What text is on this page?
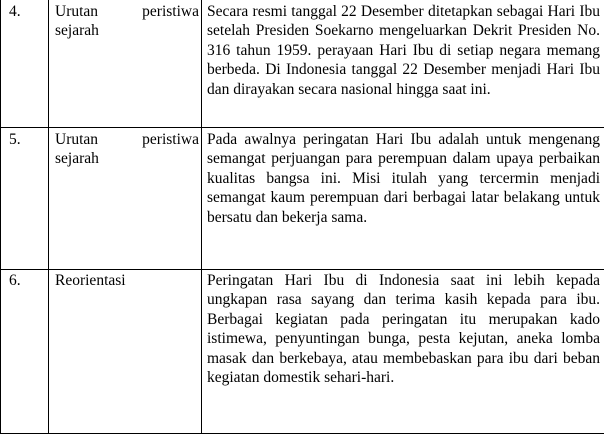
4.	Urutan peristiwa sejarah	Secara resmi tanggal 22 Desember ditetapkan sebagai Hari Ibu setelah Presiden Soekarno mengeluarkan Dekrit Presiden No. 316 tahun 1959. perayaan Hari Ibu di setiap negara memang berbeda. Di Indonesia tanggal 22 Desember menjadi Hari Ibu dan dirayakan secara nasional hingga saat ini.

5.	Urutan peristiwa sejarah	Pada awalnya peringatan Hari Ibu adalah untuk mengenang semangat perjuangan para perempuan dalam upaya perbaikan kualitas bangsa ini. Misi itulah yang tercermin menjadi semangat kaum perempuan dari berbagai latar belakang untuk bersatu dan bekerja sama.

6.	Reorientasi	Peringatan Hari Ibu di Indonesia saat ini lebih kepada ungkapan rasa sayang dan terima kasih kepada para ibu. Berbagai kegiatan pada peringatan itu merupakan kado istimewa, penyuntingan bunga, pesta kejutan, aneka lomba masak dan berkebaya, atau membebaskan para ibu dari beban kegiatan domestik sehari-hari.
